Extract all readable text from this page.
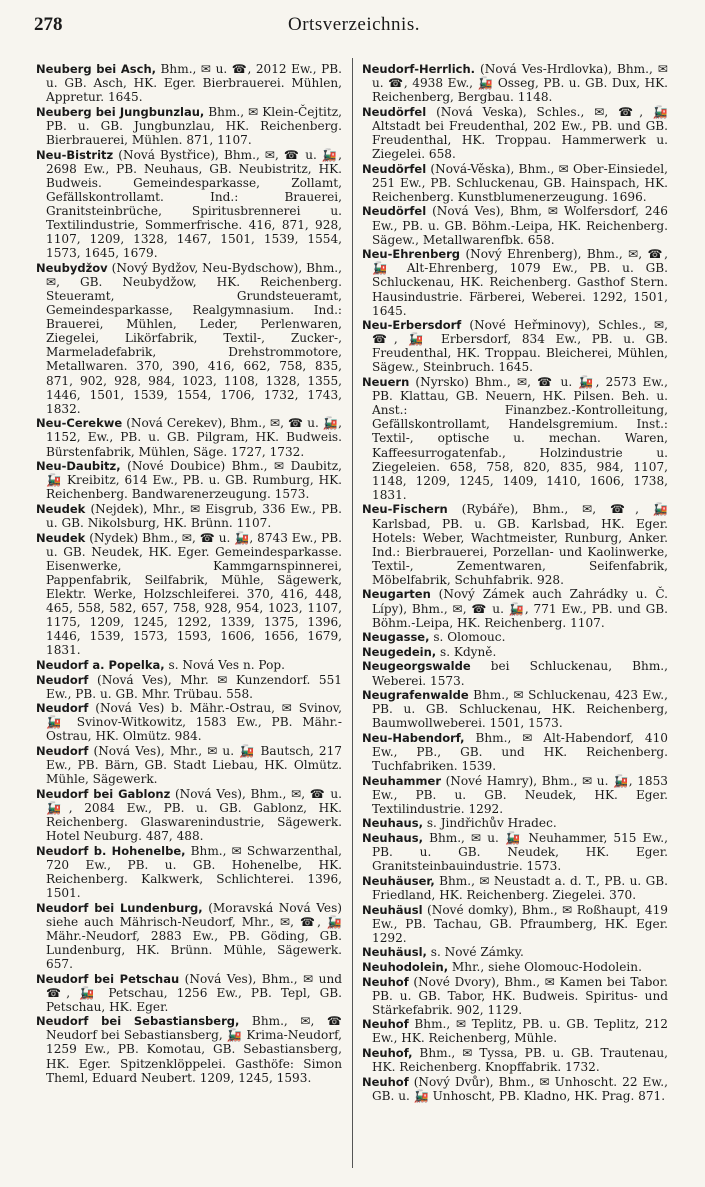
Ortsverzeichnis.
278
Neuberg bei Asch, Bhm., ✉ u. ☎, 2012 Ew., PB. u. GB. Asch, HK. Eger. Bierbrauerei. Mühlen, Appretur. 1645.
Neuberg bei Jungbunzlau, Bhm., ✉ Klein-Čejtitz, PB. u. GB. Jungbunzlau, HK. Reichenberg. Bierbrauerei, Mühlen. 871, 1107.
Neu-Bistritz (Nová Bystřice), Bhm., ✉, ☎ u. 🚂, 2698 Ew., PB. Neuhaus, GB. Neubistritz, HK. Budweis. Gemeindesparkasse, Zollamt, Gefällskontrollamt. Ind.: Brauerei, Granitsteinbrüche, Spiritusbrennerei u. Textilindustrie, Sommerfrische. 416, 871, 928, 1107, 1209, 1328, 1467, 1501, 1539, 1554, 1573, 1645, 1679.
Neubydžov (Nový Bydžov, Neu-Bydschow), Bhm., ✉, GB. Neubydžow, HK. Reichenberg. Steueramt, Grundsteueramt, Gemeindesparkasse, Realgymnasium. Ind.: Brauerei, Mühlen, Leder, Perlenwaren, Ziegelei, Likörfabrik, Textil-, Zucker-, Marmeladefabrik, Drehstrommotore, Metallwaren. 370, 390, 416, 662, 758, 835, 871, 902, 928, 984, 1023, 1108, 1328, 1355, 1446, 1501, 1539, 1554, 1706, 1732, 1743, 1832.
Neu-Cerekwe (Nová Cerekev), Bhm., ✉, ☎ u. 🚂, 1152, Ew., PB. u. GB. Pilgram, HK. Budweis. Bürstenfabrik, Mühlen, Säge. 1727, 1732.
Neu-Daubitz, (Nové Doubice) Bhm., ✉ Daubitz, 🚂 Kreibitz, 614 Ew., PB. u. GB. Rumburg, HK. Reichenberg. Bandwarenerzeugung. 1573.
Neudek (Nejdek), Mhr., ✉ Eisgrub, 336 Ew., PB. u. GB. Nikolsburg, HK. Brünn. 1107.
Neudek (Nydek) Bhm., ✉, ☎ u. 🚂, 8743 Ew., PB. u. GB. Neudek, HK. Eger. Gemeindesparkasse. Eisenwerke, Kammgarnspinnerei, Pappenfabrik, Seilfabrik, Mühle, Sägewerk, Elektr. Werke, Holzschleiferei. 370, 416, 448, 465, 558, 582, 657, 758, 928, 954, 1023, 1107, 1175, 1209, 1245, 1292, 1339, 1375, 1396, 1446, 1539, 1573, 1593, 1606, 1656, 1679, 1831.
Neudorf a. Popelka, s. Nová Ves n. Pop.
Neudorf (Nová Ves), Mhr. ✉ Kunzendorf. 551 Ew., PB. u. GB. Mhr. Trübau. 558.
Neudorf (Nová Ves) b. Mähr.-Ostrau, ✉ Svinov, 🚂 Svinov-Witkowitz, 1583 Ew., PB. Mähr.-Ostrau, HK. Olmütz. 984.
Neudorf (Nová Ves), Mhr., ✉ u. 🚂 Bautsch, 217 Ew., PB. Bärn, GB. Stadt Liebau, HK. Olmütz. Mühle, Sägewerk.
Neudorf bei Gablonz (Nová Ves), Bhm., ✉, ☎ u. 🚂, 2084 Ew., PB. u. GB. Gablonz, HK. Reichenberg. Glaswarenindustrie, Sägewerk. Hotel Neuburg. 487, 488.
Neudorf b. Hohenelbe, Bhm., ✉ Schwarzenthal, 720 Ew., PB. u. GB. Hohenelbe, HK. Reichenberg. Kalkwerk, Schlichterei. 1396, 1501.
Neudorf bei Lundenburg, (Moravská Nová Ves) siehe auch Mährisch-Neudorf, Mhr., ✉, ☎, 🚂 Mähr.-Neudorf, 2883 Ew., PB. Göding, GB. Lundenburg, HK. Brünn. Mühle, Sägewerk. 657.
Neudorf bei Petschau (Nová Ves), Bhm., ✉ und ☎, 🚂 Petschau, 1256 Ew., PB. Tepl, GB. Petschau, HK. Eger.
Neudorf bei Sebastiansberg, Bhm., ✉, ☎ Neudorf bei Sebastiansberg, 🚂 Krima-Neudorf, 1259 Ew., PB. Komotau, GB. Sebastiansberg, HK. Eger. Spitzenklöppelei. Gasthöfe: Simon Theml, Eduard Neubert. 1209, 1245, 1593.
Neudorf-Herrlich. (Nová Ves-Hrdlovka), Bhm., ✉ u. ☎, 4938 Ew., 🚂 Osseg, PB. u. GB. Dux, HK. Reichenberg, Bergbau. 1148.
Neudörfel (Nová Veska), Schles., ✉, ☎, 🚂 Altstadt bei Freudenthal, 202 Ew., PB. und GB. Freudenthal, HK. Troppau. Hammerwerk u. Ziegelei. 658.
Neudörfel (Nová-Věska), Bhm., ✉ Ober-Einsiedel, 251 Ew., PB. Schluckenau, GB. Hainspach, HK. Reichenberg. Kunstblumenerzeugung. 1696.
Neudörfel (Nová Ves), Bhm, ✉ Wolfersdorf, 246 Ew., PB. u. GB. Böhm.-Leipa, HK. Reichenberg. Sägew., Metallwarenfbk. 658.
Neu-Ehrenberg (Nový Ehrenberg), Bhm., ✉, ☎, 🚂 Alt-Ehrenberg, 1079 Ew., PB. u. GB. Schluckenau, HK. Reichenberg. Gasthof Stern. Hausindustrie. Färberei, Weberei. 1292, 1501, 1645.
Neu-Erbersdorf (Nové Heřminovy), Schles., ✉, ☎, 🚂 Erbersdorf, 834 Ew., PB. u. GB. Freudenthal, HK. Troppau. Bleicherei, Mühlen, Sägew., Steinbruch. 1645.
Neuern (Nyrsko) Bhm., ✉, ☎ u. 🚂, 2573 Ew., PB. Klattau, GB. Neuern, HK. Pilsen. Beh. u. Anst.: Finanzbez.-Kontrolleitung, Gefällskontrollamt, Handelsgremium. Inst.: Textil-, optische u. mechan. Waren, Kaffeesurrogatenfab., Holzindustrie u. Ziegeleien. 658, 758, 820, 835, 984, 1107, 1148, 1209, 1245, 1409, 1410, 1606, 1738, 1831.
Neu-Fischern (Rybáře), Bhm., ✉, ☎, 🚂 Karlsbad, PB. u. GB. Karlsbad, HK. Eger. Hotels: Weber, Wachtmeister, Runburg, Anker. Ind.: Bierbrauerei, Porzellan- und Kaolinwerke, Textil-, Zementwaren, Seifenfabrik, Möbelfabrik, Schuhfabrik. 928.
Neugarten (Nový Zámek auch Zahrádky u. Č. Lípy), Bhm., ✉, ☎ u. 🚂, 771 Ew., PB. und GB. Böhm.-Leipa, HK. Reichenberg. 1107.
Neugasse, s. Olomouc.
Neugedein, s. Kdyně.
Neugeorgswalde bei Schluckenau, Bhm., Weberei. 1573.
Neugrafenwalde Bhm., ✉ Schluckenau, 423 Ew., PB. u. GB. Schluckenau, HK. Reichenberg, Baumwollweberei. 1501, 1573.
Neu-Habendorf, Bhm., ✉ Alt-Habendorf, 410 Ew., PB., GB. und HK. Reichenberg. Tuchfabriken. 1539.
Neuhammer (Nové Hamry), Bhm., ✉ u. 🚂, 1853 Ew., PB. u. GB. Neudek, HK. Eger. Textilindustrie. 1292.
Neuhaus, s. Jindřichův Hradec.
Neuhaus, Bhm., ✉ u. 🚂 Neuhammer, 515 Ew., PB. u. GB. Neudek, HK. Eger. Granitsteinbauindustrie. 1573.
Neuhäuser, Bhm., ✉ Neustadt a. d. T., PB. u. GB. Friedland, HK. Reichenberg. Ziegelei. 370.
Neuhäusl (Nové domky), Bhm., ✉ Roßhaupt, 419 Ew., PB. Tachau, GB. Pfraumberg, HK. Eger. 1292.
Neuhäusl, s. Nové Zámky.
Neuhodolein, Mhr., siehe Olomouc-Hodolein.
Neuhof (Nové Dvory), Bhm., ✉ Kamen bei Tabor. PB. u. GB. Tabor, HK. Budweis. Spiritus- und Stärkefabrik. 902, 1129.
Neuhof Bhm., ✉ Teplitz, PB. u. GB. Teplitz, 212 Ew., HK. Reichenberg, Mühle.
Neuhof, Bhm., ✉ Tyssa, PB. u. GB. Trautenau, HK. Reichenberg. Knopffabrik. 1732.
Neuhof (Nový Dvůr), Bhm., ✉ Unhoscht. 22 Ew., GB. u. 🚂 Unhoscht, PB. Kladno, HK. Prag. 871.
